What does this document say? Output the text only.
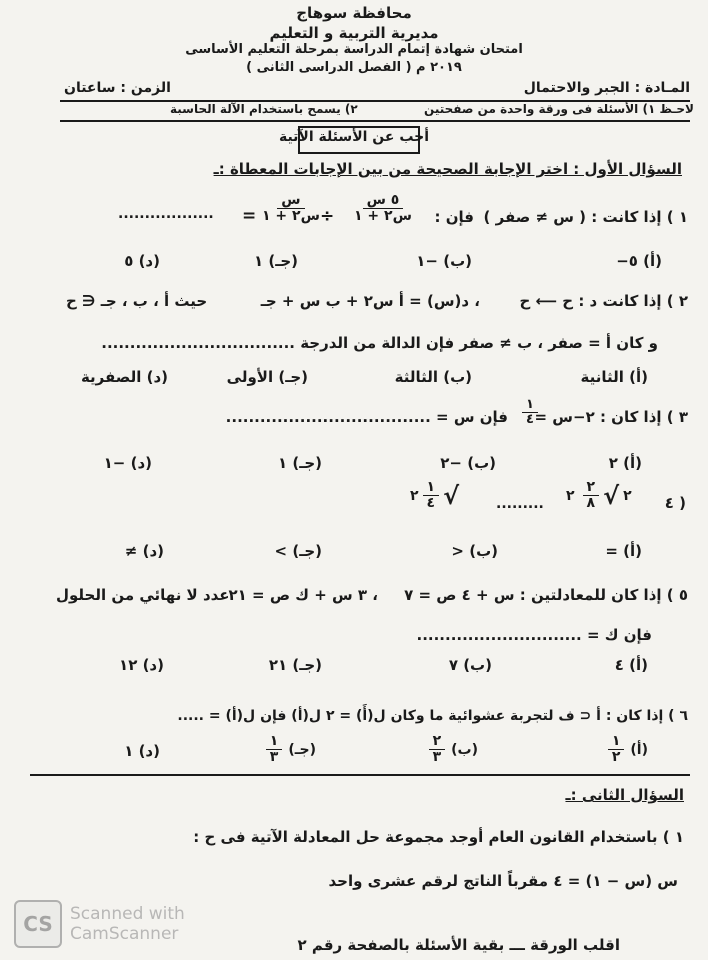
محافظة سوهاج
مديرية التربية و التعليم
امتحان شهادة إتمام الدراسة بمرحلة التعليم الأساسى
( الفصل الدراسى الثانى ) ٢٠١٩ م
المـادة : الجبر والاحتمال
الزمن : ساعتان
لاحـظ ١) الأسئلة فى ورقة واحدة من صفحتين
٢) يسمح باستخدام الآلة الحاسبة
أجب عن الأسئلة الآتية
السؤال الأول : اختر الإجابة الصحيحة من بين الإجابات المعطاة :ـ
١ ) إذا كانت : ( س ≠ صفر )
فإن :
$\frac{\text{٥ س}}{\text{س٢ + ١}}$
÷
$\frac{\text{س}}{\text{س٢ + ١}}$
=
..................
(أ) ٥−
(ب) −١
(جـ) ١
(د) ٥
٢ ) إذا كانت د : ح ⟵ ح
، د(س) = أ س٢ + ب س + جـ
حيث أ ، ب ، جـ ∈ ح
و كان أ = صفر ، ب ≠ صفر فإن الدالة من الدرجة ..................................
(أ) الثانية
(ب) الثالثة
(جـ) الأولى
(د) الصفرية
٣ ) إذا كان : ٢−س =
$\frac{١}{٤}$
فإن س = ....................................
(أ) ٢
(ب) −٢
(جـ) ١
(د) −١
٤ )
٢ $\frac{٢}{٨}$ √ ٢
.........
٢ $\frac{١}{٤}$ √
(أ) =
(ب) <
(جـ) >
(د) ≠
٥ ) إذا كان للمعادلتين : س + ٤ ص = ٧
، ٣ س + ك ص = ٢١
عدد لا نهائي من الحلول
فإن ك = .............................
(أ) ٤
(ب) ٧
(جـ) ٢١
(د) ١٢
٦ ) إذا كان : أ ⊂ ف لتجربة عشوائية ما وكان ل(أَ) = ٢ ل(أ) فإن ل(أ) = .....
(أ)
$\frac{١}{٢}$
(ب)
$\frac{٢}{٣}$
(جـ)
$\frac{١}{٣}$
(د) ١
السؤال الثانى :ـ
١ ) باستخدام القانون العام أوجد مجموعة حل المعادلة الآتية فى ح :
س (س − ١) = ٤ مقرباً الناتج لرقم عشرى واحد
اقلب الورقة ـــ بقية الأسئلة بالصفحة رقم ٢
CS	Scanned with
CamScanner
